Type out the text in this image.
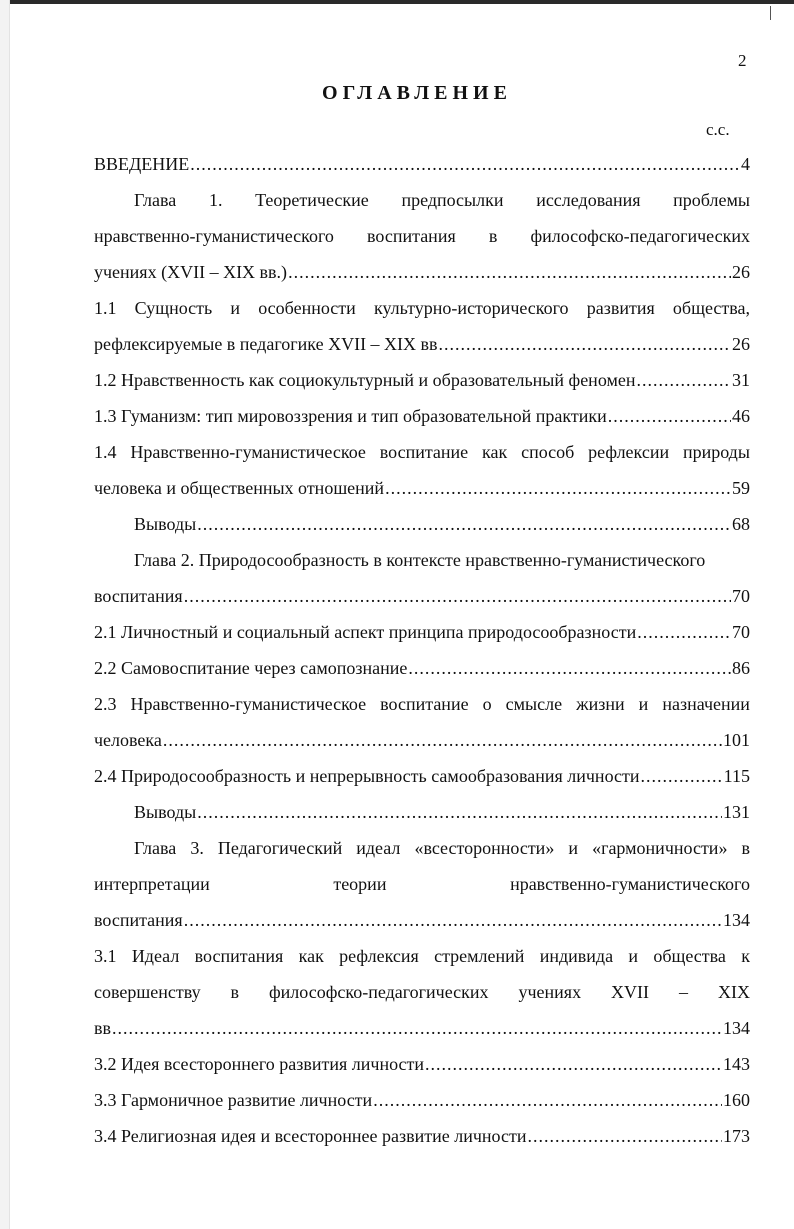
2
ОГЛАВЛЕНИЕ
с.с.
ВВЕДЕНИЕ .....	4
Глава 1. Теоретические предпосылки исследования проблемы
нравственно-гуманистического воспитания в философско-педагогических
учениях (XVII – XIX вв.) .....	26
1.1 Сущность и особенности культурно-исторического развития общества,
рефлексируемые в педагогике XVII – XIX вв .....	26
1.2 Нравственность как социокультурный и образовательный феномен .....	31
1.3 Гуманизм: тип мировоззрения и тип образовательной практики .....	46
1.4 Нравственно-гуманистическое воспитание как способ рефлексии природы
человека и общественных отношений .....	59
Выводы .....	68
Глава 2. Природосообразность в контексте нравственно-гуманистического
воспитания .....	70
2.1 Личностный и социальный аспект принципа природосообразности .....	70
2.2 Самовоспитание через самопознание .....	86
2.3 Нравственно-гуманистическое воспитание о смысле жизни и назначении
человека .....	101
2.4 Природосообразность и непрерывность самообразования личности .....	115
Выводы .....	131
Глава 3. Педагогический идеал «всесторонности» и «гармоничности» в
интерпретации	теории	нравственно-гуманистического
воспитания .....	134
3.1 Идеал воспитания как рефлексия стремлений индивида и общества к
совершенству в философско-педагогических учениях XVII – XIX
вв .....	134
3.2 Идея всестороннего развития личности .....	143
3.3 Гармоничное развитие личности .....	160
3.4 Религиозная идея и всестороннее развитие личности .....	173
